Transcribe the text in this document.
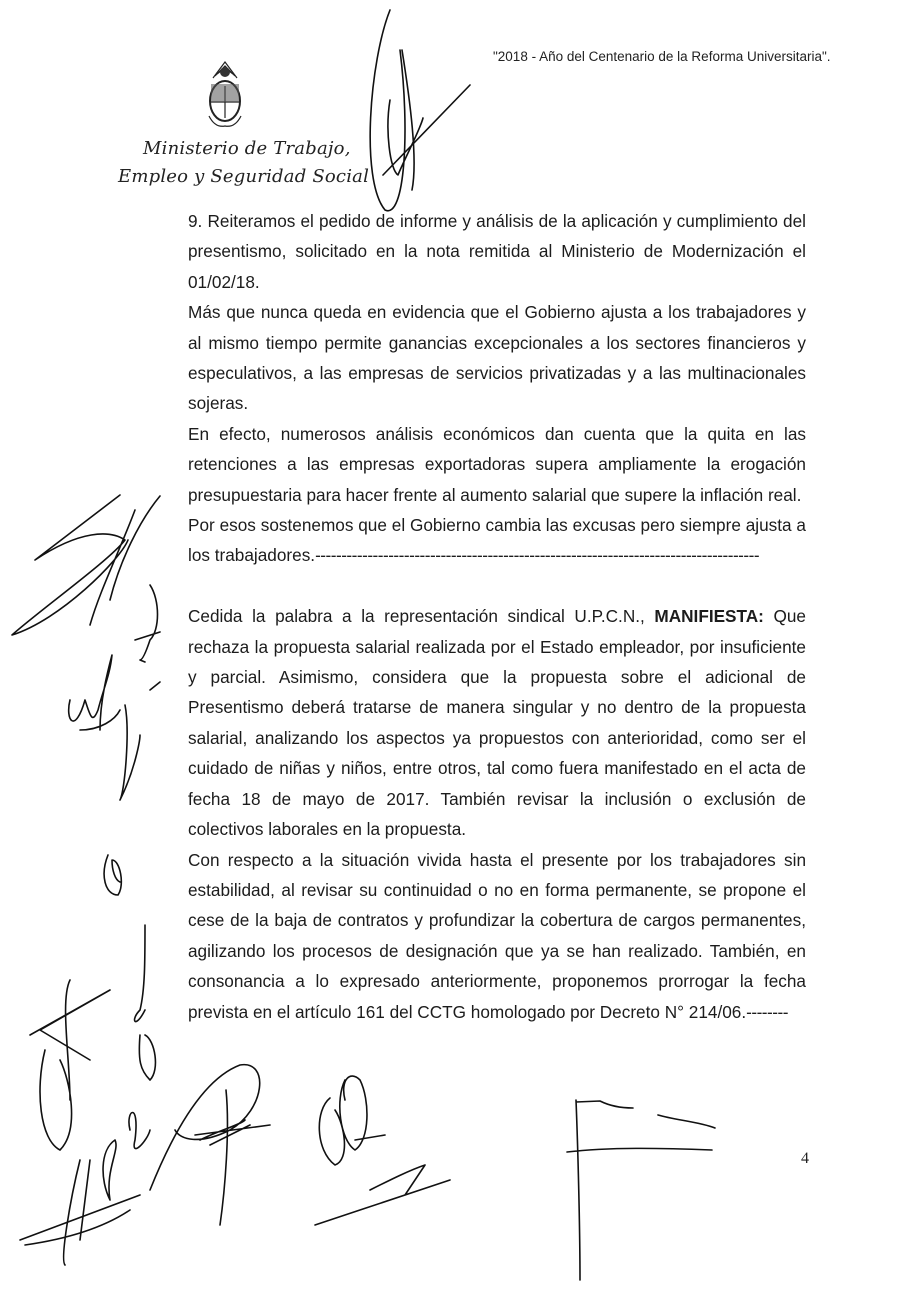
"2018 - Año del Centenario de la Reforma Universitaria".
Ministerio de Trabajo,
Empleo y Seguridad Social

9. Reiteramos el pedido de informe y análisis de la aplicación y cumplimiento del presentismo, solicitado en la nota remitida al Ministerio de Modernización el 01/02/18.

Más que nunca queda en evidencia que el Gobierno ajusta a los trabajadores y al mismo tiempo permite ganancias excepcionales a los sectores financieros y especulativos, a las empresas de servicios privatizadas y a las multinacionales sojeras.

En efecto, numerosos análisis económicos dan cuenta que la quita en las retenciones a las empresas exportadoras supera ampliamente la erogación presupuestaria para hacer frente al aumento salarial que supere la inflación real.

Por esos sostenemos que el Gobierno cambia las excusas pero siempre ajusta a los trabajadores.-------------------------------------------------------------------------------------

Cedida la palabra a la representación sindical U.P.C.N., MANIFIESTA: Que rechaza la propuesta salarial realizada por el Estado empleador, por insuficiente y parcial. Asimismo, considera que la propuesta sobre el adicional de Presentismo deberá tratarse de manera singular y no dentro de la propuesta salarial, analizando los aspectos ya propuestos con anterioridad, como ser el cuidado de niñas y niños, entre otros, tal como fuera manifestado en el acta de fecha 18 de mayo de 2017. También revisar la inclusión o exclusión de colectivos laborales en la propuesta.

Con respecto a la situación vivida hasta el presente por los trabajadores sin estabilidad, al revisar su continuidad o no en forma permanente, se propone el cese de la baja de contratos y profundizar la cobertura de cargos permanentes, agilizando los procesos de designación que ya se han realizado. También, en consonancia a lo expresado anteriormente, proponemos prorrogar la fecha prevista en el artículo 161 del CCTG homologado por Decreto N° 214/06.--------

4
